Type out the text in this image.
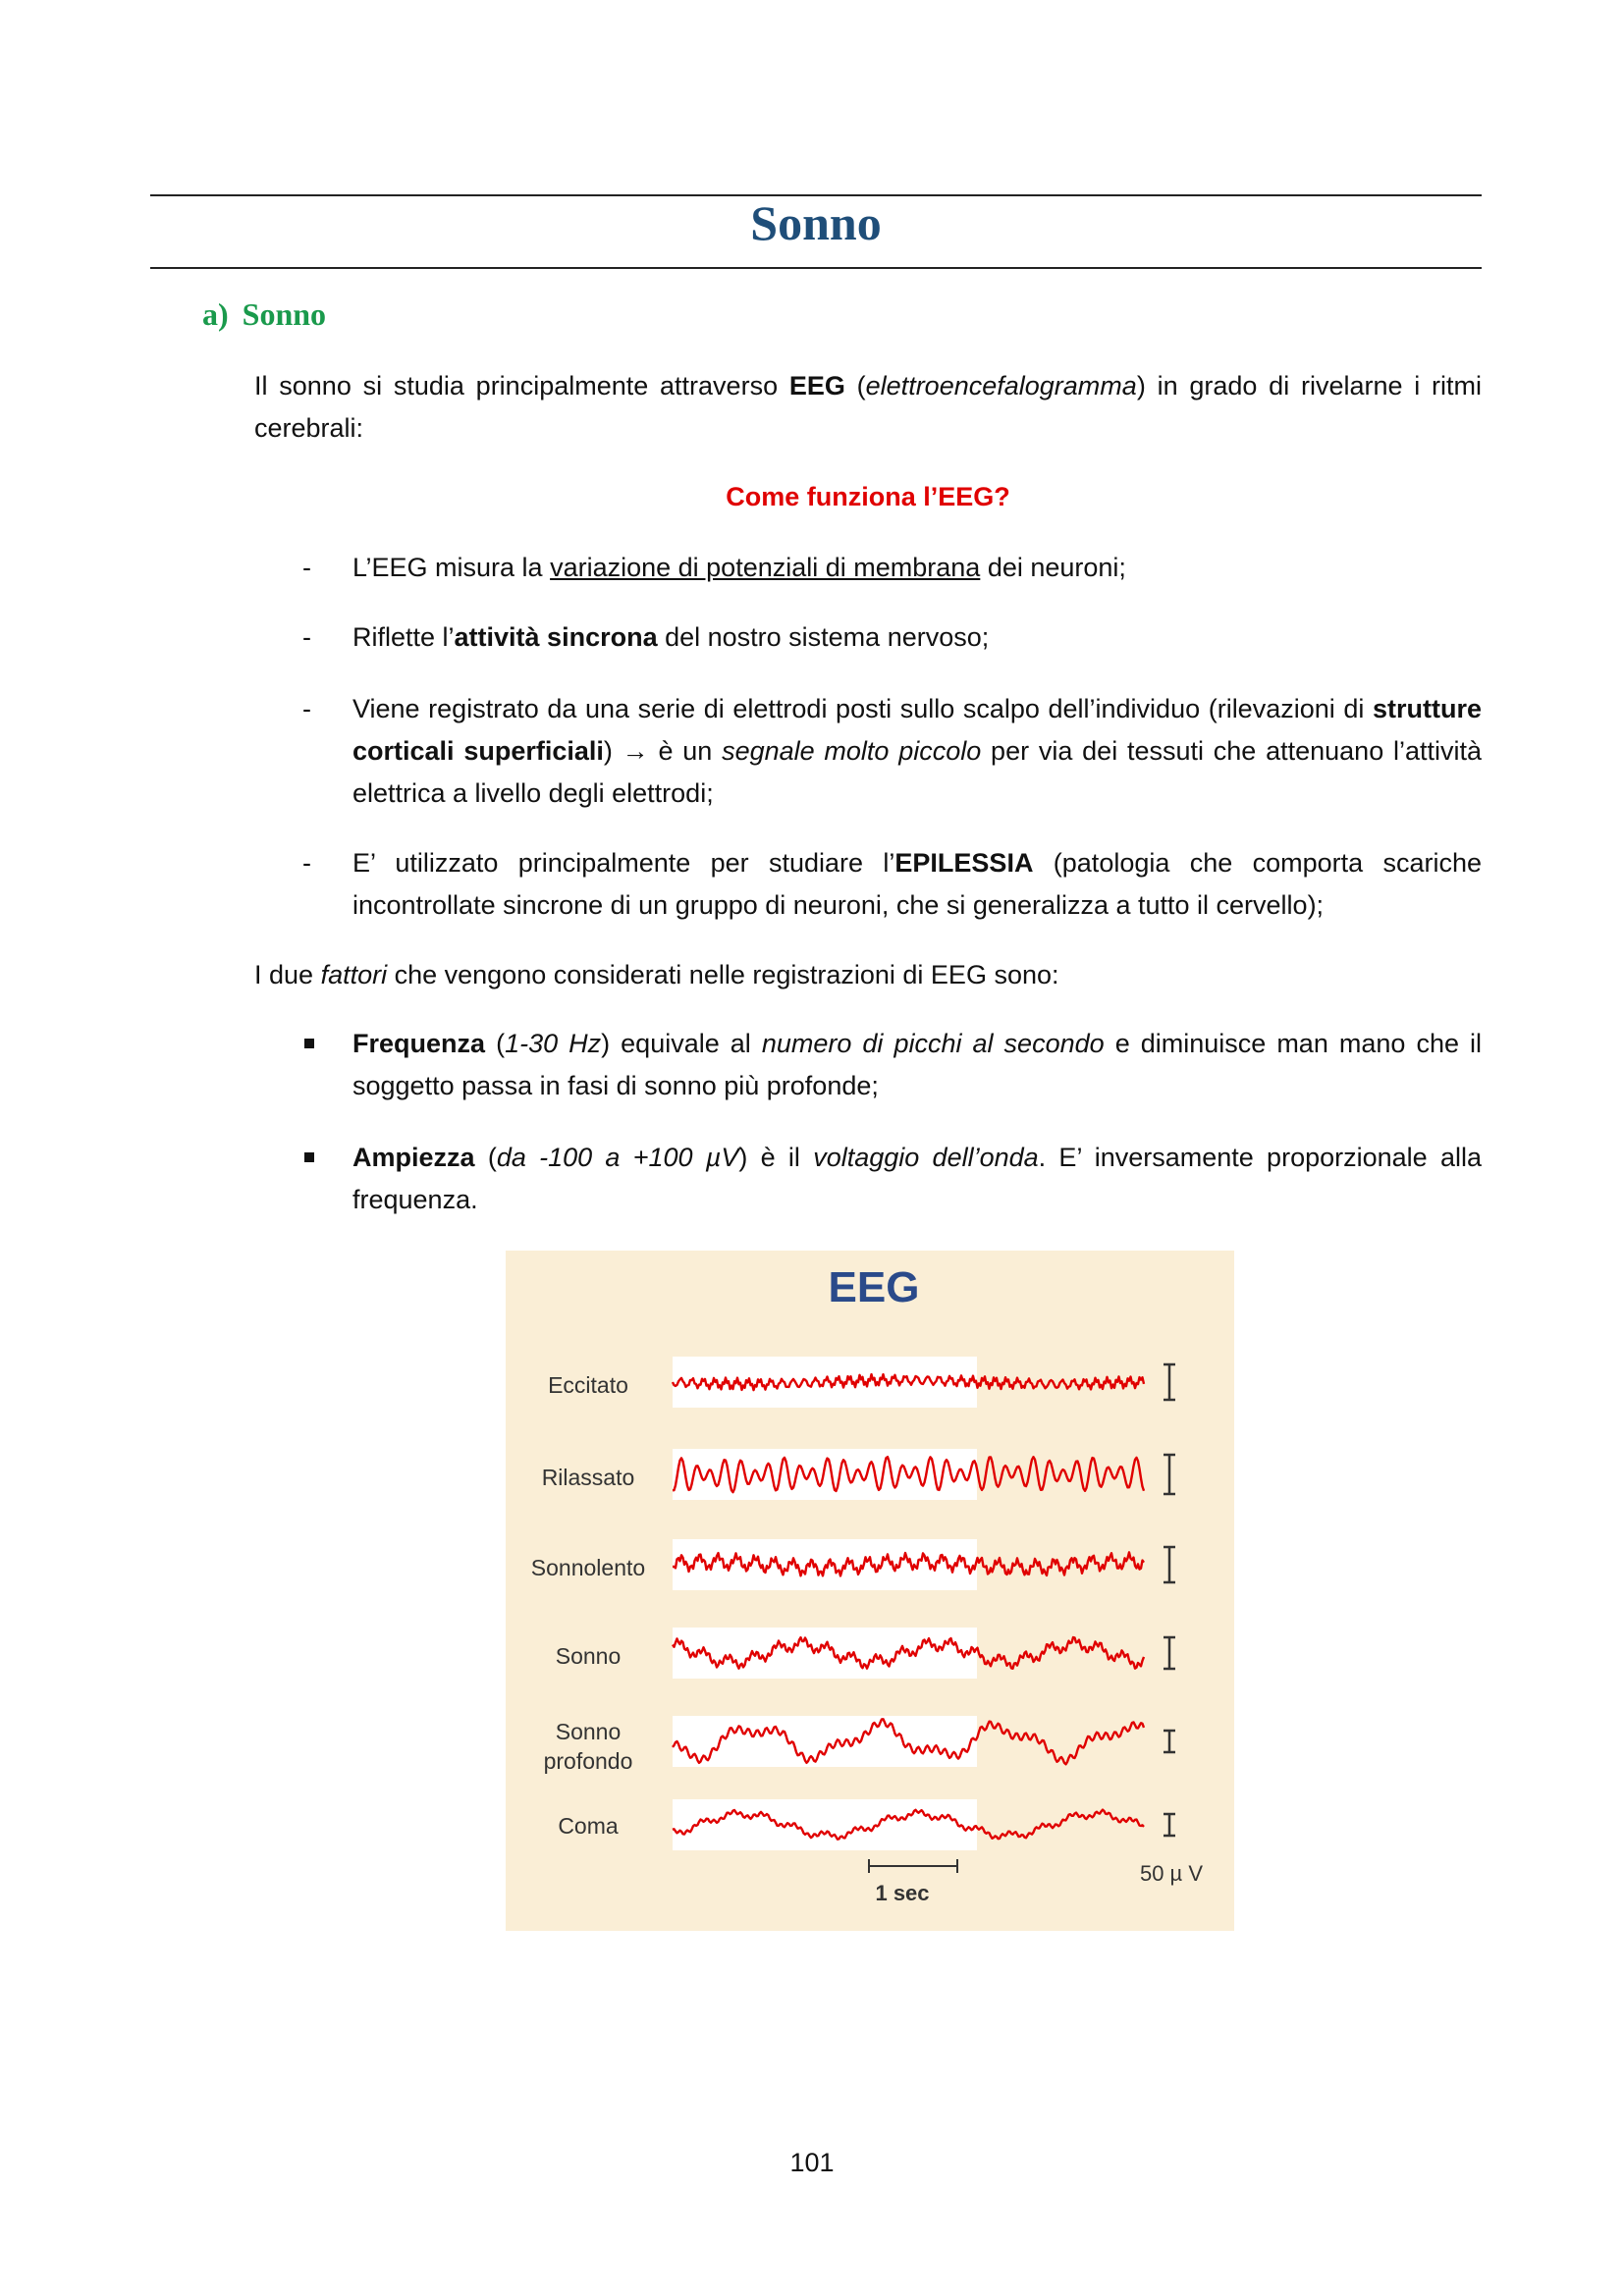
Sonno
a) Sonno
Il sonno si studia principalmente attraverso EEG (elettroencefalogramma) in grado di rivelarne i ritmi cerebrali:
Come funziona l’EEG?
- L’EEG misura la variazione di potenziali di membrana dei neuroni;
- Riflette l’attività sincrona del nostro sistema nervoso;
- Viene registrato da una serie di elettrodi posti sullo scalpo dell’individuo (rilevazioni di strutture corticali superficiali) → è un segnale molto piccolo per via dei tessuti che attenuano l’attività elettrica a livello degli elettrodi;
- E’ utilizzato principalmente per studiare l’EPILESSIA (patologia che comporta scariche incontrollate sincrone di un gruppo di neuroni, che si generalizza a tutto il cervello);
I due fattori che vengono considerati nelle registrazioni di EEG sono:
Frequenza (1-30 Hz) equivale al numero di picchi al secondo e diminuisce man mano che il soggetto passa in fasi di sonno più profonde;
Ampiezza (da -100 a +100 µV) è il voltaggio dell’onda. E’ inversamente proporzionale alla frequenza.
EEG
Eccitato
Rilassato
Sonnolento
Sonno
Sonno
profondo
Coma
1 sec
50 µ V
101
